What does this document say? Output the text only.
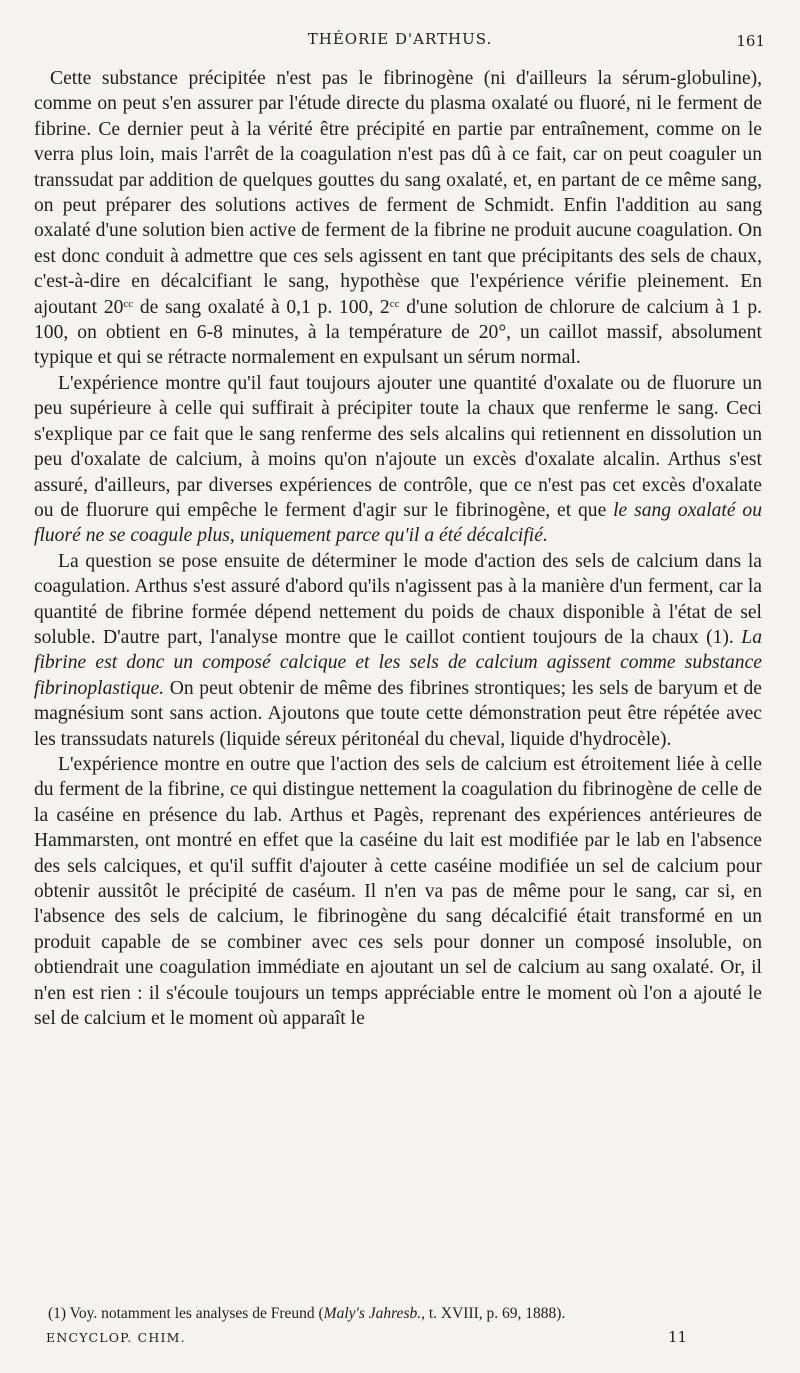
THÉORIE D'ARTHUS.	161

Cette substance précipitée n'est pas le fibrinogène (ni d'ailleurs la sérum-globuline), comme on peut s'en assurer par l'étude directe du plasma oxalaté ou fluoré, ni le ferment de fibrine. Ce dernier peut à la vérité être précipité en partie par entraînement, comme on le verra plus loin, mais l'arrêt de la coagulation n'est pas dû à ce fait, car on peut coaguler un transsudat par addition de quelques gouttes du sang oxalaté, et, en partant de ce même sang, on peut préparer des solutions actives de ferment de Schmidt. Enfin l'addition au sang oxalaté d'une solution bien active de ferment de la fibrine ne produit aucune coagulation. On est donc conduit à admettre que ces sels agissent en tant que précipitants des sels de chaux, c'est-à-dire en décalcifiant le sang, hypothèse que l'expérience vérifie pleinement. En ajoutant $20^{cc}$ de sang oxalaté à 0,1 p. 100, $2^{cc}$ d'une solution de chlorure de calcium à 1 p. 100, on obtient en 6-8 minutes, à la température de 20°, un caillot massif, absolument typique et qui se rétracte normalement en expulsant un sérum normal.

L'expérience montre qu'il faut toujours ajouter une quantité d'oxalate ou de fluorure un peu supérieure à celle qui suffirait à précipiter toute la chaux que renferme le sang. Ceci s'explique par ce fait que le sang renferme des sels alcalins qui retiennent en dissolution un peu d'oxalate de calcium, à moins qu'on n'ajoute un excès d'oxalate alcalin. Arthus s'est assuré, d'ailleurs, par diverses expériences de contrôle, que ce n'est pas cet excès d'oxalate ou de fluorure qui empêche le ferment d'agir sur le fibrinogène, et que le sang oxalaté ou fluoré ne se coagule plus, uniquement parce qu'il a été décalcifié.

La question se pose ensuite de déterminer le mode d'action des sels de calcium dans la coagulation. Arthus s'est assuré d'abord qu'ils n'agissent pas à la manière d'un ferment, car la quantité de fibrine formée dépend nettement du poids de chaux disponible à l'état de sel soluble. D'autre part, l'analyse montre que le caillot contient toujours de la chaux (1). La fibrine est donc un composé calcique et les sels de calcium agissent comme substance fibrinoplastique. On peut obtenir de même des fibrines strontiques; les sels de baryum et de magnésium sont sans action. Ajoutons que toute cette démonstration peut être répétée avec les transsudats naturels (liquide séreux péritonéal du cheval, liquide d'hydrocèle).

L'expérience montre en outre que l'action des sels de calcium est étroitement liée à celle du ferment de la fibrine, ce qui distingue nettement la coagulation du fibrinogène de celle de la caséine en présence du lab. Arthus et Pagès, reprenant des expériences antérieures de Hammarsten, ont montré en effet que la caséine du lait est modifiée par le lab en l'absence des sels calciques, et qu'il suffit d'ajouter à cette caséine modifiée un sel de calcium pour obtenir aussitôt le précipité de caséum. Il n'en va pas de même pour le sang, car si, en l'absence des sels de calcium, le fibrinogène du sang décalcifié était transformé en un produit capable de se combiner avec ces sels pour donner un composé insoluble, on obtiendrait une coagulation immédiate en ajoutant un sel de calcium au sang oxalaté. Or, il n'en est rien : il s'écoule toujours un temps appréciable entre le moment où l'on a ajouté le sel de calcium et le moment où apparaît le

(1) Voy. notamment les analyses de Freund (Maly's Jahresb., t. XVIII, p. 69, 1888).
ENCYCLOP. CHIM.	11
